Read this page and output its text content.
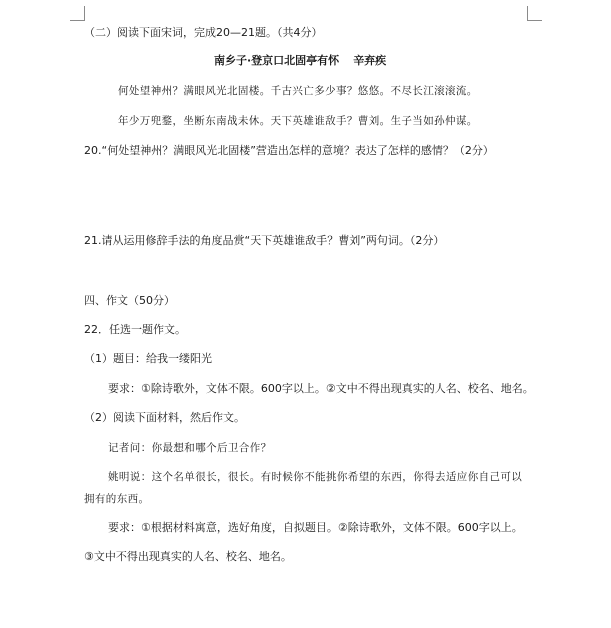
（二）阅读下面宋词，完成20—21题。（共4分）
南乡子·登京口北固亭有怀 辛弃疾
何处望神州？满眼风光北固楼。千古兴亡多少事？悠悠。不尽长江滚滚流。
年少万兜鍪，坐断东南战未休。天下英雄谁敌手？曹刘。生子当如孙仲谋。
20.“何处望神州？满眼风光北固楼”营造出怎样的意境？表达了怎样的感情？（2分）
21.请从运用修辞手法的角度品赏“天下英雄谁敌手？曹刘”两句词。（2分）
四、作文（50分）
22．任选一题作文。
（1）题目：给我一缕阳光
要求：①除诗歌外，文体不限。600字以上。②文中不得出现真实的人名、校名、地名。
（2）阅读下面材料，然后作文。
记者问：你最想和哪个后卫合作？
姚明说：这个名单很长，很长。有时候你不能挑你希望的东西，你得去适应你自己可以
拥有的东西。
要求：①根据材料寓意，选好角度，自拟题目。②除诗歌外，文体不限。600字以上。
③文中不得出现真实的人名、校名、地名。
